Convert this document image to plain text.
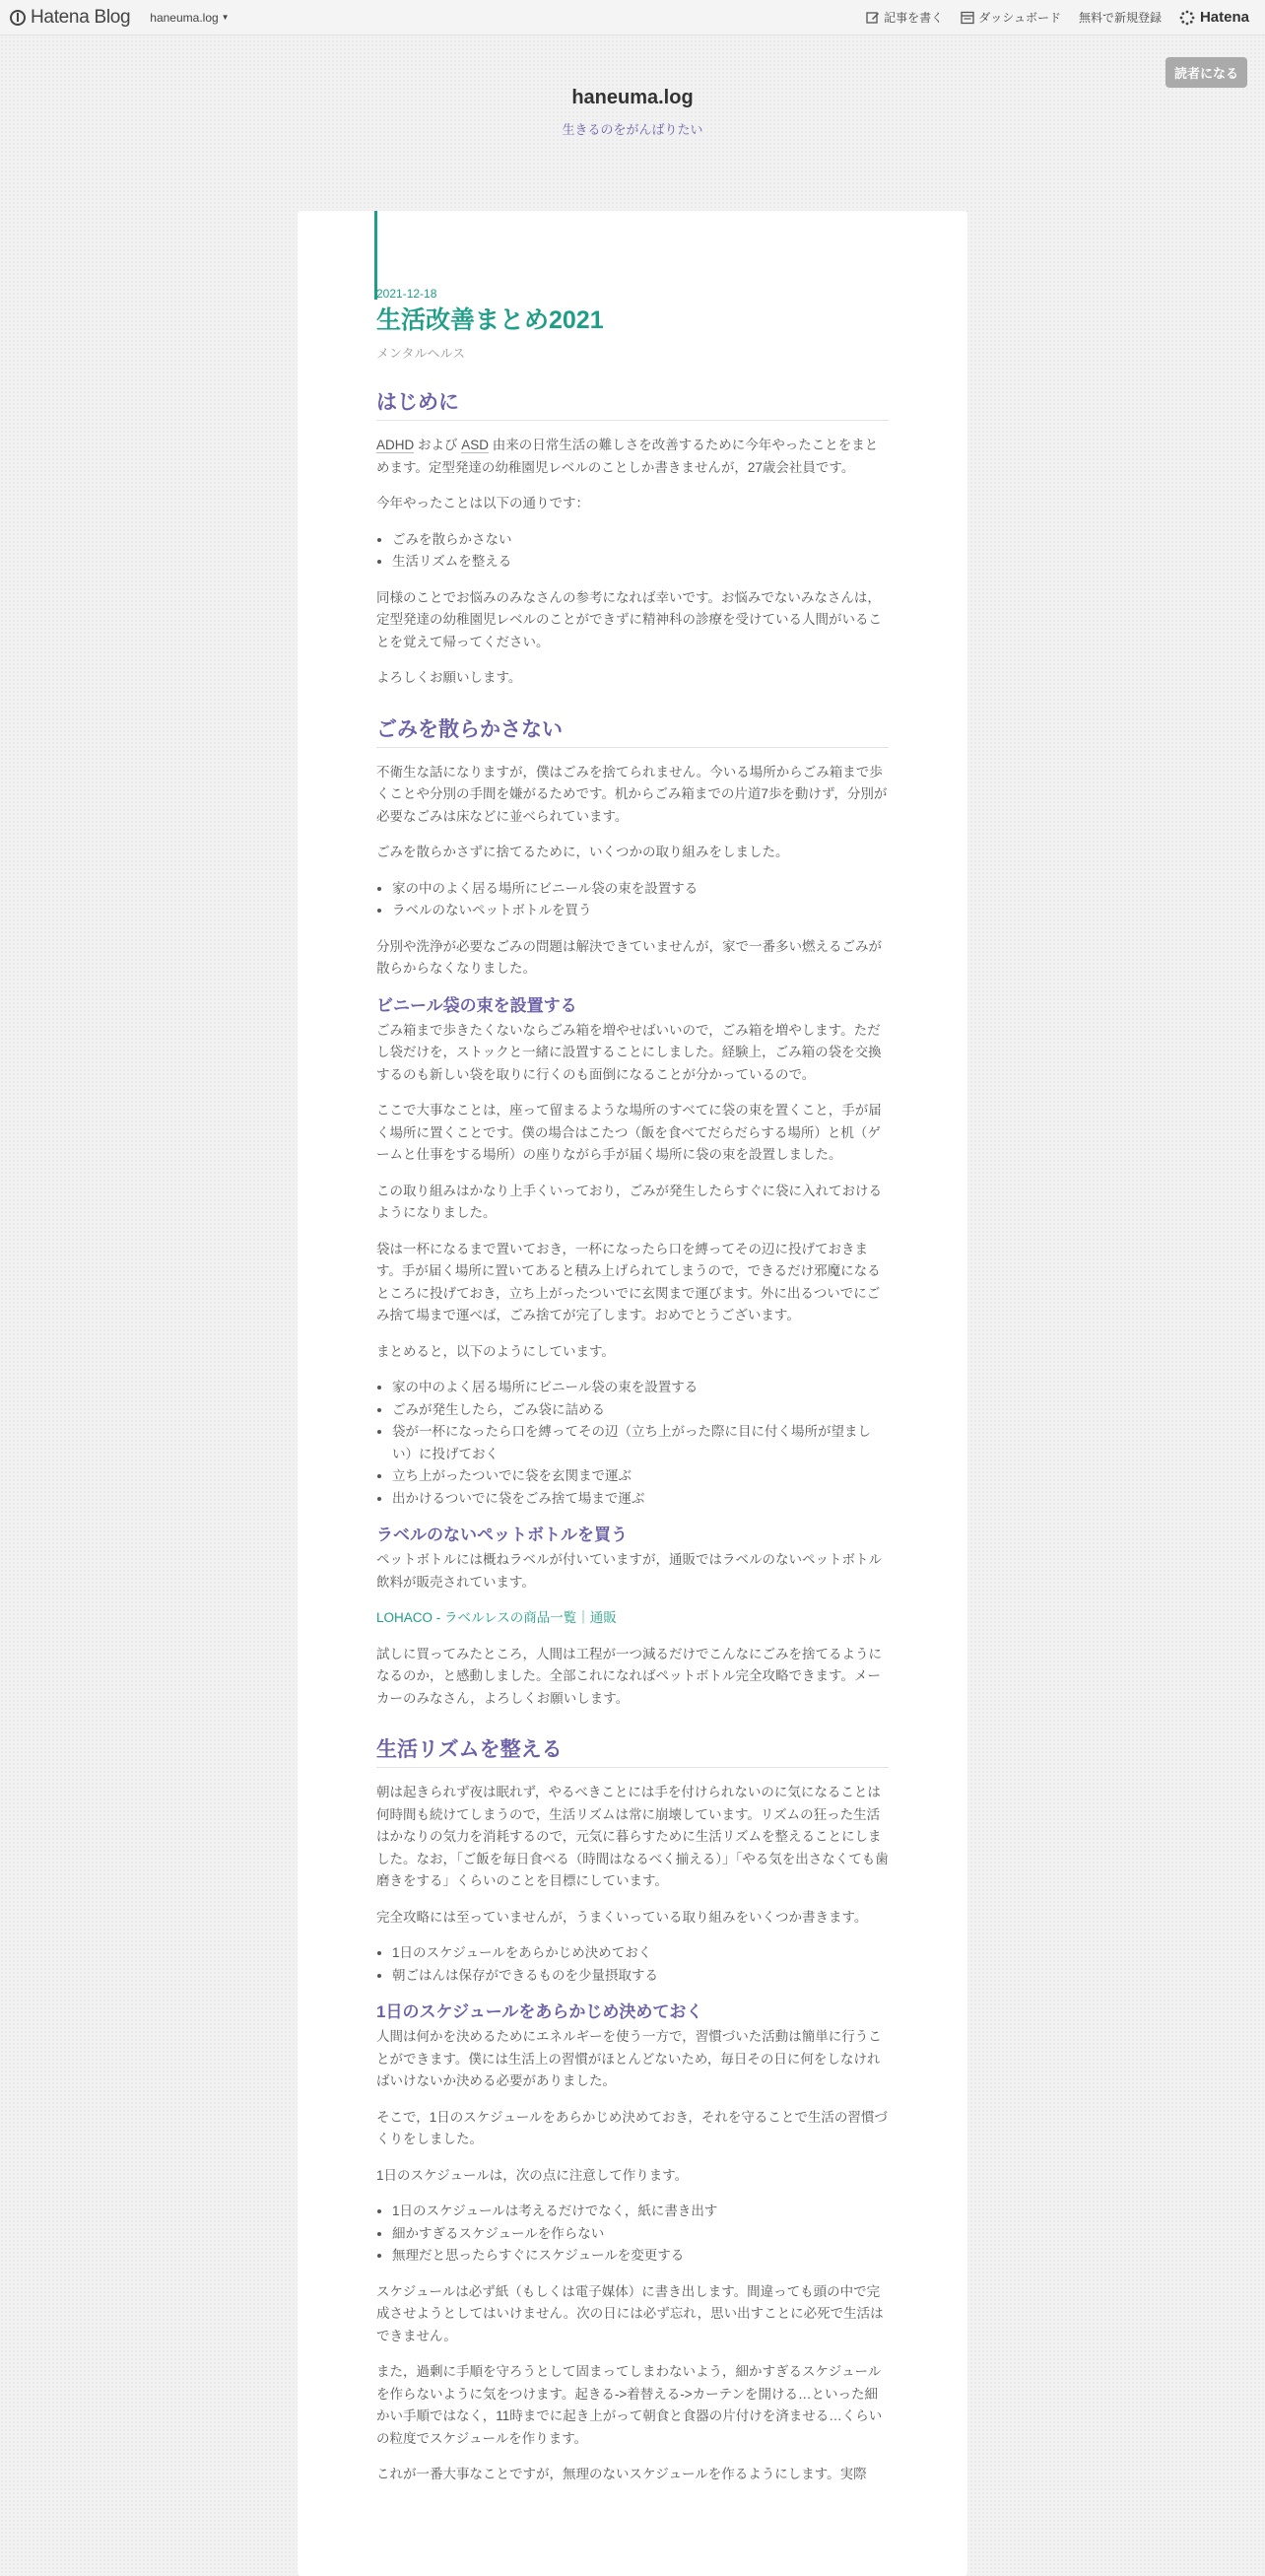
Hatena Blog haneuma.log ▼	記事を書く	ダッシュボード 無料で新規登録	Hatena
読者になる
haneuma.log
生きるのをがんばりたい
2021-12-18
生活改善まとめ2021
メンタルヘルス
はじめに

ADHD および ASD 由来の日常生活の難しさを改善するために今年やったことをまとめます。定型発達の幼稚園児レベルのことしか書きませんが，27歳会社員です。

今年やったことは以下の通りです：

• ごみを散らかさない
• 生活リズムを整える

同様のことでお悩みのみなさんの参考になれば幸いです。お悩みでないみなさんは，定型発達の幼稚園児レベルのことができずに精神科の診療を受けている人間がいることを覚えて帰ってください。

よろしくお願いします。

ごみを散らかさない

不衛生な話になりますが，僕はごみを捨てられません。今いる場所からごみ箱まで歩くことや分別の手間を嫌がるためです。机からごみ箱までの片道7歩を動けず，分別が必要なごみは床などに並べられています。

ごみを散らかさずに捨てるために，いくつかの取り組みをしました。

• 家の中のよく居る場所にビニール袋の束を設置する
• ラベルのないペットボトルを買う

分別や洗浄が必要なごみの問題は解決できていませんが，家で一番多い燃えるごみが散らからなくなりました。

ビニール袋の束を設置する

ごみ箱まで歩きたくないならごみ箱を増やせばいいので，ごみ箱を増やします。ただし袋だけを，ストックと一緒に設置することにしました。経験上，ごみ箱の袋を交換するのも新しい袋を取りに行くのも面倒になることが分かっているので。

ここで大事なことは，座って留まるような場所のすべてに袋の束を置くこと，手が届く場所に置くことです。僕の場合はこたつ（飯を食べてだらだらする場所）と机（ゲームと仕事をする場所）の座りながら手が届く場所に袋の束を設置しました。

この取り組みはかなり上手くいっており，ごみが発生したらすぐに袋に入れておけるようになりました。

袋は一杯になるまで置いておき，一杯になったら口を縛ってその辺に投げておきます。手が届く場所に置いてあると積み上げられてしまうので，できるだけ邪魔になるところに投げておき，立ち上がったついでに玄関まで運びます。外に出るついでにごみ捨て場まで運べば，ごみ捨てが完了します。おめでとうございます。

まとめると，以下のようにしています。

• 家の中のよく居る場所にビニール袋の束を設置する
• ごみが発生したら，ごみ袋に詰める
• 袋が一杯になったら口を縛ってその辺（立ち上がった際に目に付く場所が望ましい）に投げておく
• 立ち上がったついでに袋を玄関まで運ぶ
• 出かけるついでに袋をごみ捨て場まで運ぶ
ラベルのないペットボトルを買う

ペットボトルには概ねラベルが付いていますが，通販ではラベルのないペットボトル飲料が販売されています。

LOHACO - ラベルレスの商品一覧｜通販

試しに買ってみたところ，人間は工程が一つ減るだけでこんなにごみを捨てるようになるのか，と感動しました。全部これになればペットボトル完全攻略できます。メーカーのみなさん，よろしくお願いします。

生活リズムを整える

朝は起きられず夜は眠れず，やるべきことには手を付けられないのに気になることは何時間も続けてしまうので，生活リズムは常に崩壊しています。リズムの狂った生活はかなりの気力を消耗するので，元気に暮らすために生活リズムを整えることにしました。なお，「ご飯を毎日食べる（時間はなるべく揃える）」「やる気を出さなくても歯磨きをする」くらいのことを目標にしています。

完全攻略には至っていませんが，うまくいっている取り組みをいくつか書きます。

• 1日のスケジュールをあらかじめ決めておく
• 朝ごはんは保存ができるものを少量摂取する
1日のスケジュールをあらかじめ決めておく

人間は何かを決めるためにエネルギーを使う一方で，習慣づいた活動は簡単に行うことができます。僕には生活上の習慣がほとんどないため，毎日その日に何をしなければいけないか決める必要がありました。

そこで，1日のスケジュールをあらかじめ決めておき，それを守ることで生活の習慣づくりをしました。

1日のスケジュールは，次の点に注意して作ります。

• 1日のスケジュールは考えるだけでなく，紙に書き出す
• 細かすぎるスケジュールを作らない
• 無理だと思ったらすぐにスケジュールを変更する

スケジュールは必ず紙（もしくは電子媒体）に書き出します。間違っても頭の中で完成させようとしてはいけません。次の日には必ず忘れ，思い出すことに必死で生活はできません。

また，過剰に手順を守ろうとして固まってしまわないよう，細かすぎるスケジュールを作らないように気をつけます。起きる->着替える->カーテンを開ける…といった細かい手順ではなく，11時までに起き上がって朝食と食器の片付けを済ませる…くらいの粒度でスケジュールを作ります。

これが一番大事なことですが，無理のないスケジュールを作るようにします。実際
